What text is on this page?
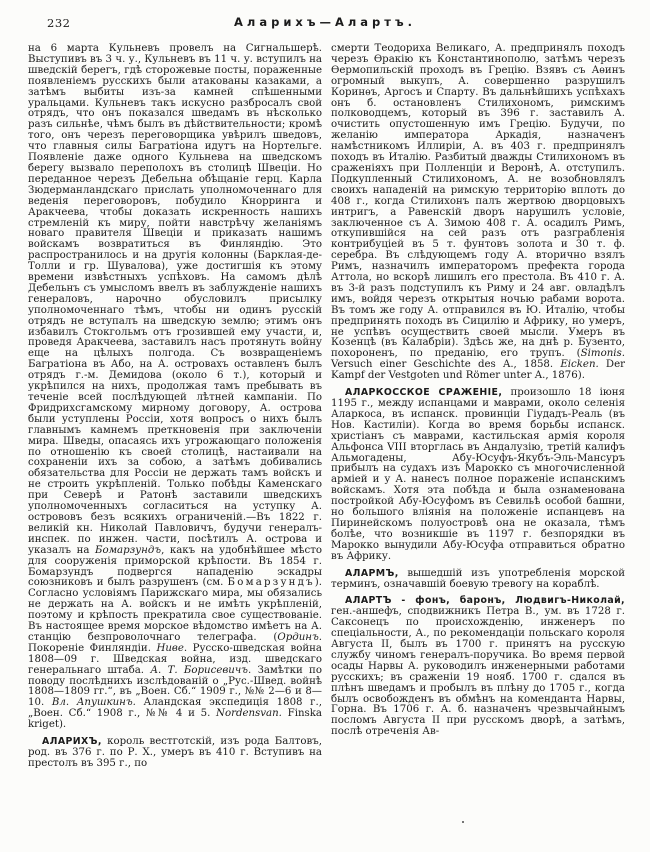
232	Аларихъ—Алартъ.

на 6 марта Кульневъ провелъ на Сигнальшерѣ. Выступивъ въ 3 ч. у., Кульневъ въ 11 ч. у. вступилъ на шведскій берегъ, гдѣ сторожевые посты, пораженные появленіемъ русскихъ были атакованы казаками, а затѣмъ выбиты изъ-за камней спѣшенными уральцами. Кульневъ такъ искусно разбросалъ свой отрядъ, что онъ показался шведамъ въ нѣсколько разъ сильнѣе, чѣмъ былъ въ дѣйствительности; кромѣ того, онъ черезъ переговорщика увѣрилъ шведовъ, что главныя силы Багратіона идутъ на Нортельге. Появленіе даже одного Кульнева на шведскомъ берегу вызвало переполохъ въ столицѣ Швеціи. Но переданное черезъ Дебельна обѣщаніе герц. Карла Зюдерманландскаго прислать уполномоченнаго для веденія переговоровъ, побудило Кнорринга и Аракчеева, чтобы доказать искренность нашихъ стремленій къ миру, пойти навстрѣчу желаніямъ новаго правителя Швеціи и приказать нашимъ войскамъ возвратиться въ Финляндію. Это распространилось и на другія колонны (Барклая-де-Толли и гр. Шувалова), уже достигшія къ этому времени извѣстныхъ успѣховъ. На самомъ дѣлѣ Дебельнъ съ умысломъ ввелъ въ заблужденіе нашихъ генераловъ, нарочно обусловилъ присылку уполномоченнаго тѣмъ, чтобы ни одинъ русскій отрядъ не вступалъ на шведскую землю; этимъ онъ избавилъ Стокгольмъ отъ грозившей ему участи, и, проведя Аракчеева, заставилъ насъ протянуть войну еще на цѣлыхъ полгода. Съ возвращеніемъ Багратіона въ Або, на А. островахъ оставленъ былъ отрядъ г.-м. Демидова (около 6 т.), который и укрѣпился на нихъ, продолжая тамъ пребывать въ теченіе всей послѣдующей лѣтней кампаніи. По Фридрихсгамскому мирному договору, А. острова были уступлены Россіи, хотя вопросъ о нихъ былъ главнымъ камнемъ преткновенія при заключеніи мира. Шведы, опасаясь ихъ угрожающаго положенія по отношенію къ своей столицѣ, настаивали на сохраненіи ихъ за собою, а затѣмъ добивались обязательства для Россіи не держать тамъ войскъ и не строить укрѣпленій. Только побѣды Каменскаго при Северѣ и Ратонѣ заставили шведскихъ уполномоченныхъ согласиться на уступку А. острововъ безъ всякихъ ограниченій.—Въ 1822 г. великій кн. Николай Павловичъ, будучи генералъ-инспек. по инжен. части, посѣтилъ А. острова и указалъ на Бомарзундъ, какъ на удобнѣйшее мѣсто для сооруженія приморской крѣпости. Въ 1854 г. Бомарзундъ подвергся нападенію эскадры союзниковъ и былъ разрушенъ (см. Бомарзундъ). Согласно условіямъ Парижскаго мира, мы обязались не держать на А. войскъ и не имѣть укрѣпленій, поэтому и крѣпость прекратила свое существованіе. Въ настоящее время морское вѣдомство имѣетъ на А. станцію безпроволочнаго телеграфа. (Ординъ. Покореніе Финляндіи. Ниве. Русско-шведская война 1808—09 г. Шведская война, изд. шведскаго генеральнаго штаба. А. Т. Борисевичъ. Замѣтки по поводу послѣднихъ изслѣдованій о „Рус.-Швед. войнѣ 1808—1809 гг.“, въ „Воен. Сб.“ 1909 г., №№ 2—6 и 8—10. Вл. Апушкинъ. Аландская экспедиція 1808 г., „Воен. Сб.“ 1908 г., №№ 4 и 5. Nordensvan. Finska kriget).

АЛАРИХЪ, король вестготскій, изъ рода Балтовъ, род. въ 376 г. по Р. Х., умеръ въ 410 г. Вступивъ на престолъ въ 395 г., по

смерти Теодориха Великаго, А. предпринялъ походъ черезъ Ѳракію къ Константинополю, затѣмъ черезъ Ѳермопильскій проходъ въ Грецію. Взявъ съ Аѳинъ огромный выкупъ, А. совершенно разрушилъ Коринѳъ, Аргосъ и Спарту. Въ дальнѣйшихъ успѣхахъ онъ б. остановленъ Стилихономъ, римскимъ полководцемъ, который въ 396 г. заставилъ А. очистить опустошенную имъ Грецію. Будучи, по желанію императора Аркадія, назначенъ намѣстникомъ Иллиріи, А. въ 403 г. предпринялъ походъ въ Италію. Разбитый дважды Стилихономъ въ сраженіяхъ при Полленціи и Веронѣ, А. отступилъ. Подкупленный Стилихономъ, А. не возобновлялъ своихъ нападеній на римскую территорію вплоть до 408 г., когда Стилихонъ палъ жертвою дворцовыхъ интригъ, а Равенскій дворъ нарушилъ условіе, заключенное съ А. Зимою 408 г. А. осадилъ Римъ, откупившійся на сей разъ отъ разграбленія контрибуціей въ 5 т. фунтовъ золота и 30 т. ф. серебра. Въ слѣдующемъ году А. вторично взялъ Римъ, назначилъ императоромъ префекта города Аттола, но вскорѣ лишилъ его престола. Въ 410 г. А. въ 3-й разъ подступилъ къ Риму и 24 авг. овладѣлъ имъ, войдя черезъ открытыя ночью рабами ворота. Въ томъ же году А. отправился въ Ю. Италію, чтобы предпринять походъ въ Сицилію и Африку, но умеръ, не успѣвъ осуществить своей мысли. Умеръ въ Козенцѣ (въ Калабріи). Здѣсь же, на днѣ р. Бузенто, похороненъ, по преданію, его трупъ. (Simonis. Versuch einer Geschichte des A., 1858. Eicken. Der Kampf der Vestgoten und Römer unter A., 1876).

АЛАРКОССКОЕ СРАЖЕНІЕ, произошло 18 іюня 1195 г., между испанцами и маврами, около селенія Аларкоса, въ испанск. провинціи Гіудадъ-Реаль (въ Нов. Кастиліи). Когда во время борьбы испанск. христіанъ съ маврами, кастильская армія короля Альфонса VIII вторглась въ Андалузію, третій калифъ Альмогадены, Абу-Юсуфъ-Якубъ-Эль-Мансуръ прибылъ на судахъ изъ Марокко съ многочисленной арміей и у А. нанесъ полное пораженіе испанскимъ войскамъ. Хотя эта побѣда и была ознаменована постройкой Абу-Юсуфомъ въ Севильѣ особой башни, но большого вліянія на положеніе испанцевъ на Пиринейскомъ полуостровѣ она не оказала, тѣмъ болѣе, что возникшіе въ 1197 г. безпорядки въ Марокко вынудили Абу-Юсуфа отправиться обратно въ Африку.

АЛАРМЪ, вышедшій изъ употребленія морской терминъ, означавшій боевую тревогу на кораблѣ.

АЛАРТЪ - фонъ, баронъ, Людвигъ-Николай, ген.-аншефъ, сподвижникъ Петра В., ум. въ 1728 г. Саксонецъ по происхожденію, инженеръ по спеціальности, А., по рекомендаціи польскаго короля Августа II, былъ въ 1700 г. принятъ на русскую службу чиномъ генералъ-поручика. Во время первой осады Нарвы А. руководилъ инженерными работами русскихъ; въ сраженіи 19 нояб. 1700 г. сдался въ плѣнъ шведамъ и пробылъ въ плѣну до 1705 г., когда былъ освобожденъ въ обмѣнъ на коменданта Нарвы, Горна. Въ 1706 г. А. б. назначенъ чрезвычайнымъ посломъ Августа II при русскомъ дворѣ, а затѣмъ, послѣ отреченія Ав-
